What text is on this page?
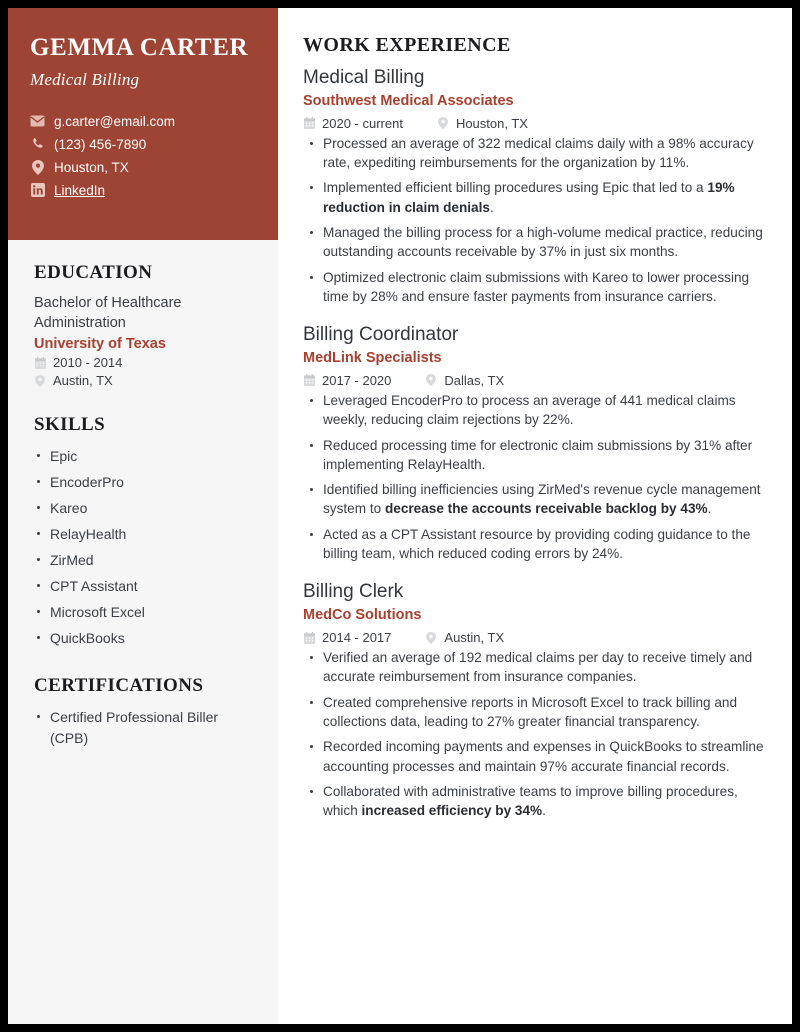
GEMMA CARTER
Medical Billing
g.carter@email.com
(123) 456-7890
Houston, TX
LinkedIn
EDUCATION
Bachelor of Healthcare Administration
University of Texas
2010 - 2014
Austin, TX
SKILLS
Epic
EncoderPro
Kareo
RelayHealth
ZirMed
CPT Assistant
Microsoft Excel
QuickBooks
CERTIFICATIONS
Certified Professional Biller (CPB)
WORK EXPERIENCE
Medical Billing
Southwest Medical Associates
2020 - current	Houston, TX
Processed an average of 322 medical claims daily with a 98% accuracy rate, expediting reimbursements for the organization by 11%.
Implemented efficient billing procedures using Epic that led to a 19% reduction in claim denials.
Managed the billing process for a high-volume medical practice, reducing outstanding accounts receivable by 37% in just six months.
Optimized electronic claim submissions with Kareo to lower processing time by 28% and ensure faster payments from insurance carriers.
Billing Coordinator
MedLink Specialists
2017 - 2020	Dallas, TX
Leveraged EncoderPro to process an average of 441 medical claims weekly, reducing claim rejections by 22%.
Reduced processing time for electronic claim submissions by 31% after implementing RelayHealth.
Identified billing inefficiencies using ZirMed's revenue cycle management system to decrease the accounts receivable backlog by 43%.
Acted as a CPT Assistant resource by providing coding guidance to the billing team, which reduced coding errors by 24%.
Billing Clerk
MedCo Solutions
2014 - 2017	Austin, TX
Verified an average of 192 medical claims per day to receive timely and accurate reimbursement from insurance companies.
Created comprehensive reports in Microsoft Excel to track billing and collections data, leading to 27% greater financial transparency.
Recorded incoming payments and expenses in QuickBooks to streamline accounting processes and maintain 97% accurate financial records.
Collaborated with administrative teams to improve billing procedures, which increased efficiency by 34%.
